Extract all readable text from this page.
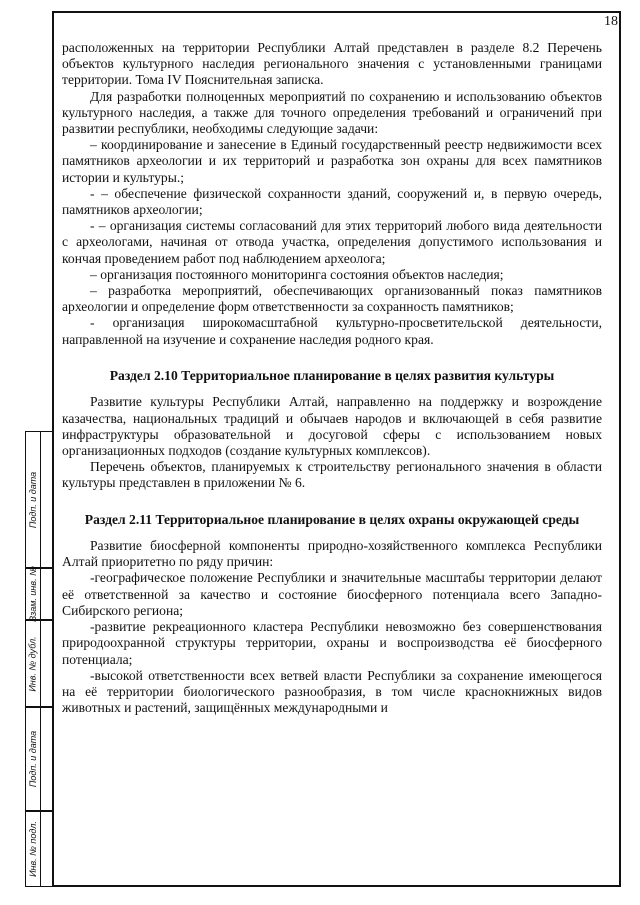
Подп. и дата
Взам. инв. №
Инв. № дубл.
Подп. и дата
Инв. № подл.
18

расположенных на территории Республики Алтай представлен в разделе 8.2 Перечень объектов культурного наследия регионального значения с установленными границами территории. Тома IV Пояснительная записка.

Для разработки полноценных мероприятий по сохранению и использованию объектов культурного наследия, а также для точного определения требований и ограничений при развитии республики, необходимы следующие задачи:

– координирование и занесение в Единый государственный реестр недвижимости всех памятников археологии и их территорий и разработка зон охраны для всех памятников истории и культуры.;

- – обеспечение физической сохранности зданий, сооружений и, в первую очередь, памятников археологии;

- – организация системы согласований для этих территорий любого вида деятельности с археологами, начиная от отвода участка, определения допустимого использования и кончая проведением работ под наблюдением археолога;

– организация постоянного мониторинга состояния объектов наследия;

– разработка мероприятий, обеспечивающих организованный показ памятников археологии и определение форм ответственности за сохранность памятников;

- организация широкомасштабной культурно-просветительской деятельности, направленной на изучение и сохранение наследия родного края.

Раздел 2.10 Территориальное планирование в целях развития культуры

Развитие культуры Республики Алтай, направленно на поддержку и возрождение казачества, национальных традиций и обычаев народов и включающей в себя развитие инфраструктуры образовательной и досуговой сферы с использованием новых организационных подходов (создание культурных комплексов).

Перечень объектов, планируемых к строительству регионального значения в области культуры представлен в приложении № 6.

Раздел 2.11 Территориальное планирование в целях охраны окружающей среды

Развитие биосферной компоненты природно-хозяйственного комплекса Республики Алтай приоритетно по ряду причин:

-географическое положение Республики и значительные масштабы территории делают её ответственной за качество и состояние биосферного потенциала всего Западно-Сибирского региона;

-развитие рекреационного кластера Республики невозможно без совершенствования природоохранной структуры территории, охраны и воспроизводства её биосферного потенциала;

-высокой ответственности всех ветвей власти Республики за сохранение имеющегося на её территории биологического разнообразия, в том числе краснокнижных видов животных и растений, защищённых международными и
